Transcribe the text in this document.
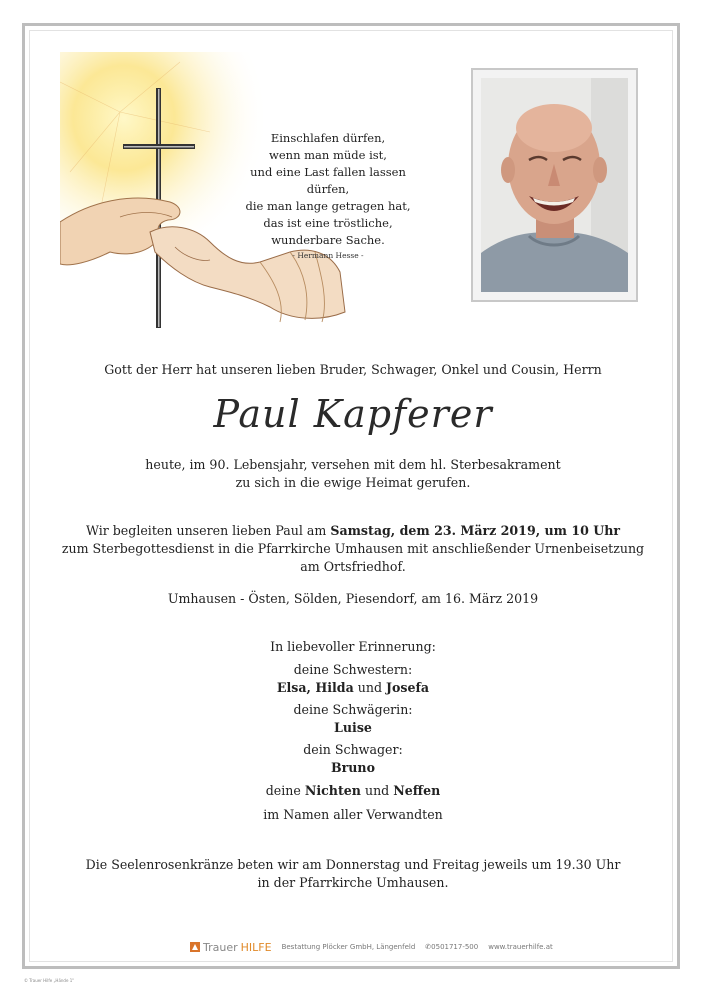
Einschlafen dürfen,
wenn man müde ist,
und eine Last fallen lassen dürfen,
die man lange getragen hat,
das ist eine tröstliche,
wunderbare Sache.
- Hermann Hesse -
Gott der Herr hat unseren lieben Bruder, Schwager, Onkel und Cousin, Herrn
Paul Kapferer
heute, im 90. Lebensjahr, versehen mit dem hl. Sterbesakrament
zu sich in die ewige Heimat gerufen.
Wir begleiten unseren lieben Paul am Samstag, dem 23. März 2019, um 10 Uhr
zum Sterbegottesdienst in die Pfarrkirche Umhausen mit anschließender Urnenbeisetzung
am Ortsfriedhof.
Umhausen - Östen, Sölden, Piesendorf, am 16. März 2019
In liebevoller Erinnerung:
deine Schwestern:
Elsa, Hilda und Josefa
deine Schwägerin:
Luise
dein Schwager:
Bruno
deine Nichten und Neffen
im Namen aller Verwandten
Die Seelenrosenkränze beten wir am Donnerstag und Freitag jeweils um 19.30 Uhr
in der Pfarrkirche Umhausen.
Trauer HILFE Bestattung Plöcker GmbH, Längenfeld ✆0501717-500 www.trauerhilfe.at
© Trauer Hilfe „Hände 1"
